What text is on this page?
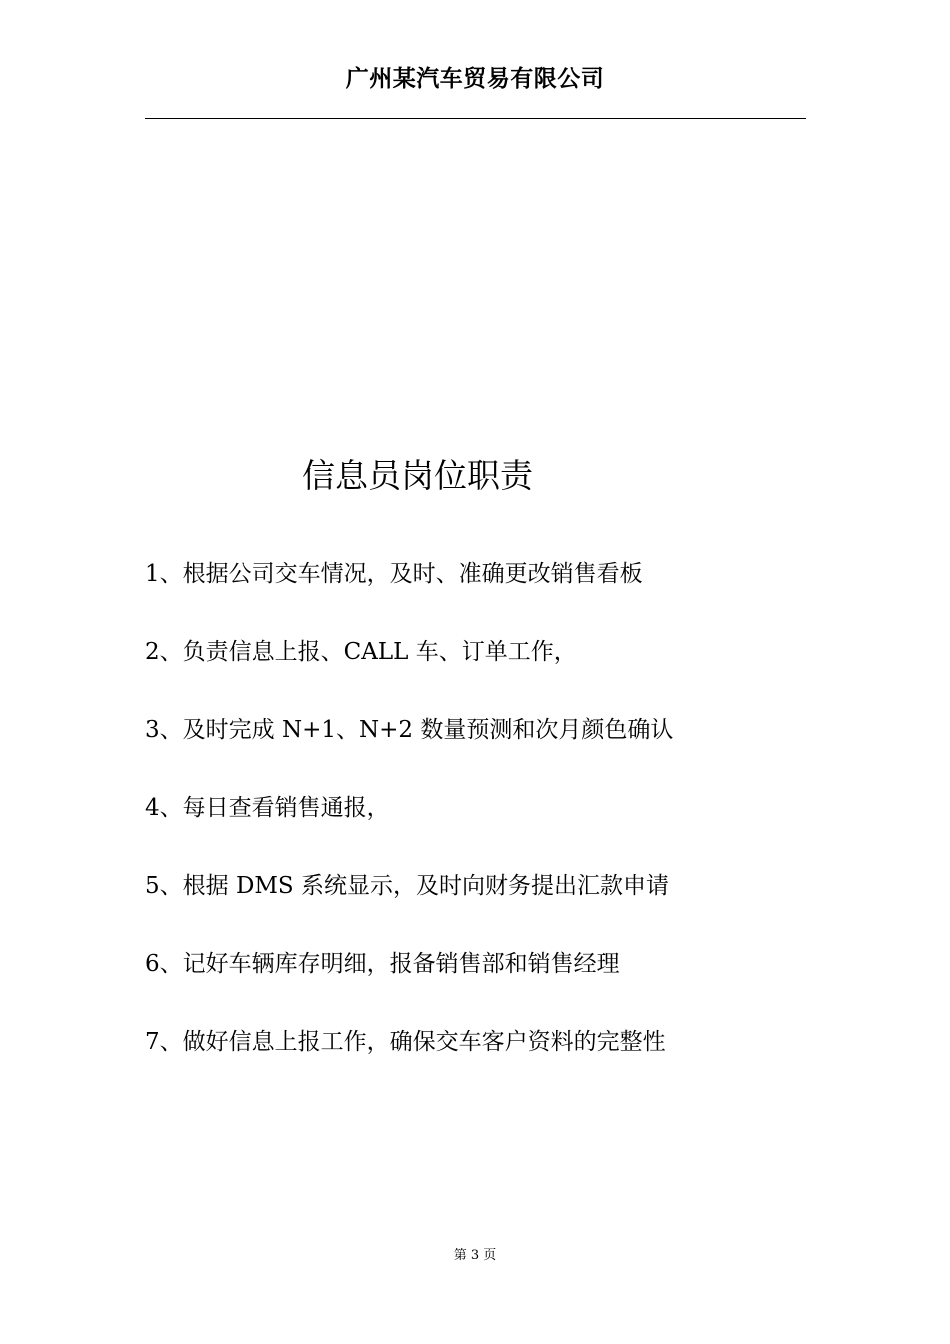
广州某汽车贸易有限公司
信息员岗位职责
1、根据公司交车情况，及时、准确更改销售看板
2、负责信息上报、CALL 车、订单工作，
3、及时完成 N+1、N+2 数量预测和次月颜色确认
4、每日查看销售通报，
5、根据 DMS 系统显示，及时向财务提出汇款申请
6、记好车辆库存明细，报备销售部和销售经理
7、做好信息上报工作，确保交车客户资料的完整性
第 3 页
